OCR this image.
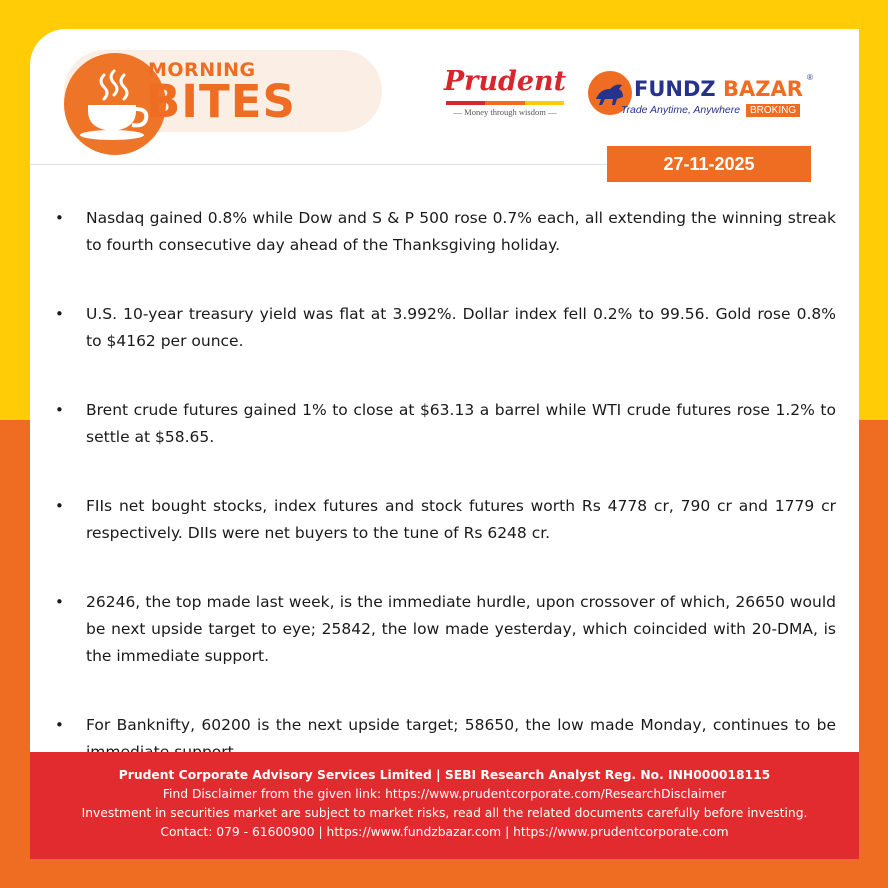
MORNING
BITES	Prudent
— Money through wisdom —
FUNDZ BAZAR ®
eTrade Anytime, Anywhere BROKING
27-11-2025
• Nasdaq gained 0.8% while Dow and S & P 500 rose 0.7% each, all extending the winning streak to fourth consecutive day ahead of the Thanksgiving holiday.
• U.S. 10-year treasury yield was flat at 3.992%. Dollar index fell 0.2% to 99.56. Gold rose 0.8% to $4162 per ounce.
• Brent crude futures gained 1% to close at $63.13 a barrel while WTI crude futures rose 1.2% to settle at $58.65.
• FIIs net bought stocks, index futures and stock futures worth Rs 4778 cr, 790 cr and 1779 cr respectively. DIIs were net buyers to the tune of Rs 6248 cr.
• 26246, the top made last week, is the immediate hurdle, upon crossover of which, 26650 would be next upside target to eye; 25842, the low made yesterday, which coincided with 20-DMA, is the immediate support.
• For Banknifty, 60200 is the next upside target; 58650, the low made Monday, continues to be
Prudent Corporate Advisory Services Limited | SEBI Research Analyst Reg. No. INH000018115
Find Disclaimer from the given link: https://www.prudentcorporate.com/ResearchDisclaimer
Investment in securities market are subject to market risks, read all the related documents carefully before investing.
Contact: 079 - 61600900 | https://www.fundzbazar.com | https://www.prudentcorporate.com
